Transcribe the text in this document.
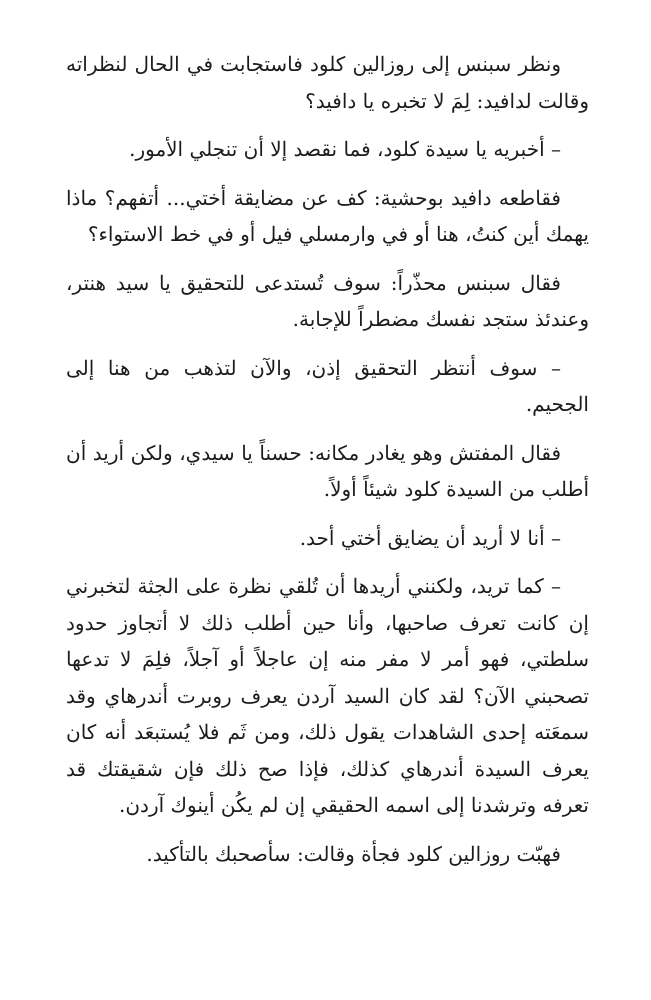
ونظر سبنس إلى روزالين كلود فاستجابت في الحال لنظراته وقالت لدافيد: لِمَ لا تخبره يا دافيد؟

– أخبريه يا سيدة كلود، فما نقصد إلا أن تنجلي الأمور.

فقاطعه دافيد بوحشية: كف عن مضايقة أختي... أتفهم؟ ماذا يهمك أين كنتُ، هنا أو في وارمسلي فيل أو في خط الاستواء؟

فقال سبنس محذّراً: سوف تُستدعى للتحقيق يا سيد هنتر، وعندئذ ستجد نفسك مضطراً للإجابة.

– سوف أنتظر التحقيق إذن، والآن لتذهب من هنا إلى الجحيم.

فقال المفتش وهو يغادر مكانه: حسناً يا سيدي، ولكن أريد أن أطلب من السيدة كلود شيئاً أولاً.

– أنا لا أريد أن يضايق أختي أحد.

– كما تريد، ولكنني أريدها أن تُلقي نظرة على الجثة لتخبرني إن كانت تعرف صاحبها، وأنا حين أطلب ذلك لا أتجاوز حدود سلطتي، فهو أمر لا مفر منه إن عاجلاً أو آجلاً، فلِمَ لا تدعها تصحبني الآن؟ لقد كان السيد آردن يعرف روبرت أندرهاي وقد سمعَته إحدى الشاهدات يقول ذلك، ومن ثَم فلا يُستبعَد أنه كان يعرف السيدة أندرهاي كذلك، فإذا صح ذلك فإن شقيقتك قد تعرفه وترشدنا إلى اسمه الحقيقي إن لم يكُن أينوك آردن.

فهبّت روزالين كلود فجأة وقالت: سأصحبك بالتأكيد.
